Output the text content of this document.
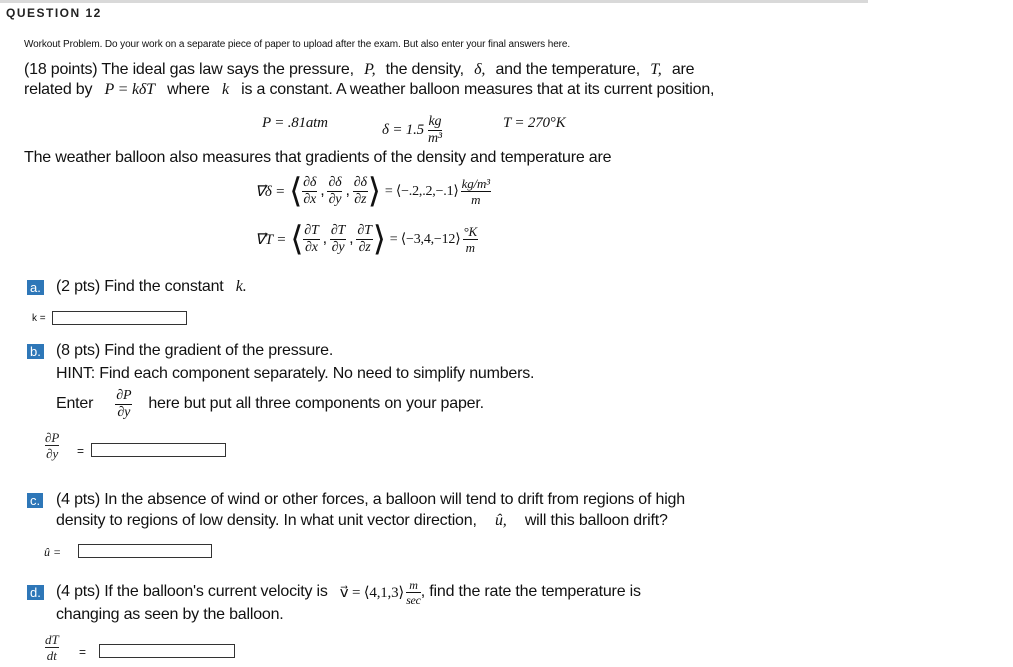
QUESTION 12
Workout Problem. Do your work on a separate piece of paper to upload after the exam. But also enter your final answers here.
(18 points) The ideal gas law says the pressure, P, the density, δ, and the temperature, T, are
related by P = kδT where k is a constant. A weather balloon measures that at its current position,
P = .81atm	$\delta = 1.5 \frac{kg}{\text{m³}}$	T = 270°K
The weather balloon also measures that gradients of the density and temperature are
∇⃗δ = ⟨ $\frac{\partial\delta}{\partial x}$ , $\frac{\partial\delta}{\partial y}$ , $\frac{\partial\delta}{\partial z}$ ⟩ = ⟨−.2,.2,−.1⟩ $\frac{\text{kg/m³}}{m}$
∇⃗T = ⟨ $\frac{\partial T}{\partial x}$ , $\frac{\partial T}{\partial y}$ , $\frac{\partial T}{\partial z}$ ⟩ = ⟨−3,4,−12⟩ $\frac{^\circ K}{m}$
a. (2 pts) Find the constant k.
k =
b. (8 pts) Find the gradient of the pressure.
HINT: Find each component separately. No need to simplify numbers.
Enter $\frac{\partial P}{\partial y}$ here but put all three components on your paper.
$\frac{\partial P}{\partial y}$ =
c. (4 pts) In the absence of wind or other forces, a balloon will tend to drift from regions of high
density to regions of low density. In what unit vector direction, û, will this balloon drift?
û =
d. (4 pts) If the balloon's current velocity is v⃗ = ⟨4,1,3⟩ $\frac{m}{\sec}$ , find the rate the temperature is
changing as seen by the balloon.
$\frac{dT}{dt}$ =
